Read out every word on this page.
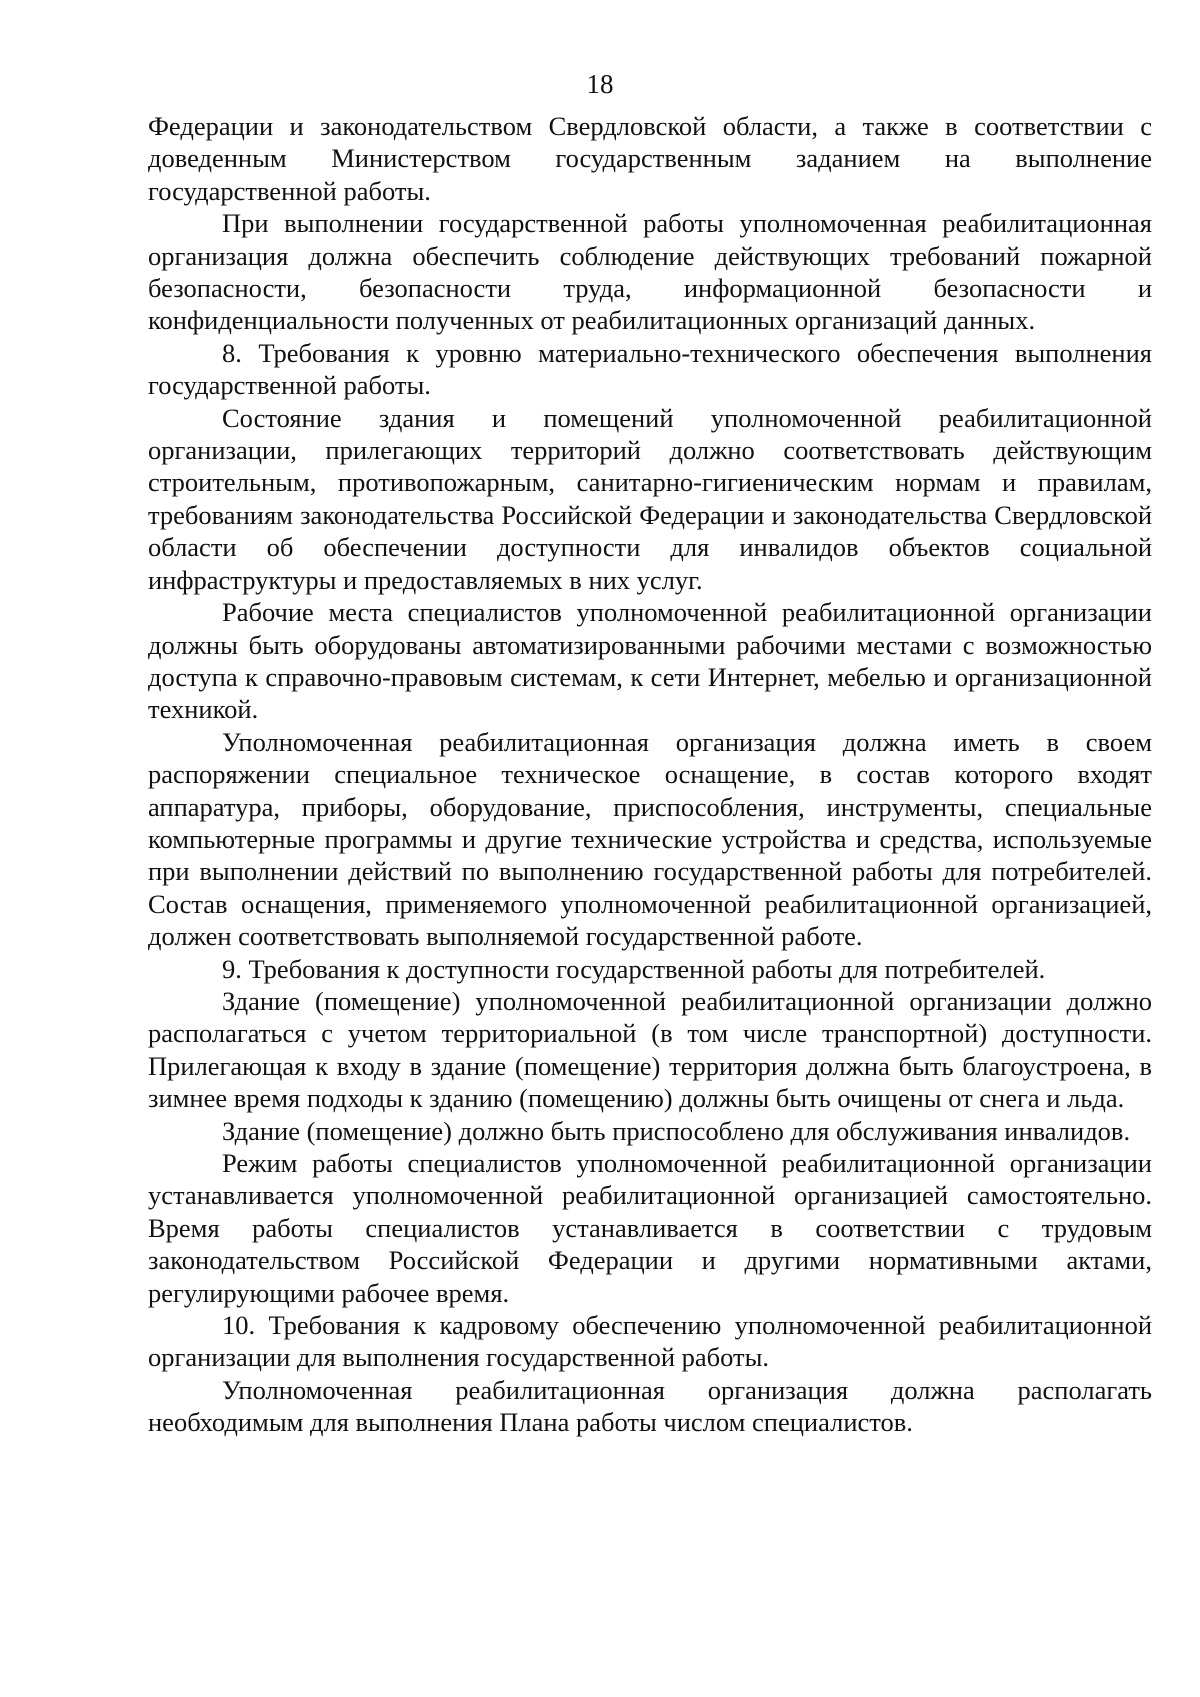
18

Федерации и законодательством Свердловской области, а также в соответствии с доведенным Министерством государственным заданием на выполнение государственной работы.

При выполнении государственной работы уполномоченная реабилитационная организация должна обеспечить соблюдение действующих требований пожарной безопасности, безопасности труда, информационной безопасности и конфиденциальности полученных от реабилитационных организаций данных.

8. Требования к уровню материально-технического обеспечения выполнения государственной работы.

Состояние здания и помещений уполномоченной реабилитационной организации, прилегающих территорий должно соответствовать действующим строительным, противопожарным, санитарно-гигиеническим нормам и правилам, требованиям законодательства Российской Федерации и законодательства Свердловской области об обеспечении доступности для инвалидов объектов социальной инфраструктуры и предоставляемых в них услуг.

Рабочие места специалистов уполномоченной реабилитационной организации должны быть оборудованы автоматизированными рабочими местами с возможностью доступа к справочно-правовым системам, к сети Интернет, мебелью и организационной техникой.

Уполномоченная реабилитационная организация должна иметь в своем распоряжении специальное техническое оснащение, в состав которого входят аппаратура, приборы, оборудование, приспособления, инструменты, специальные компьютерные программы и другие технические устройства и средства, используемые при выполнении действий по выполнению государственной работы для потребителей. Состав оснащения, применяемого уполномоченной реабилитационной организацией, должен соответствовать выполняемой государственной работе.

9. Требования к доступности государственной работы для потребителей.

Здание (помещение) уполномоченной реабилитационной организации должно располагаться с учетом территориальной (в том числе транспортной) доступности. Прилегающая к входу в здание (помещение) территория должна быть благоустроена, в зимнее время подходы к зданию (помещению) должны быть очищены от снега и льда.

Здание (помещение) должно быть приспособлено для обслуживания инвалидов.

Режим работы специалистов уполномоченной реабилитационной организации устанавливается уполномоченной реабилитационной организацией самостоятельно. Время работы специалистов устанавливается в соответствии с трудовым законодательством Российской Федерации и другими нормативными актами, регулирующими рабочее время.

10. Требования к кадровому обеспечению уполномоченной реабилитационной организации для выполнения государственной работы.

Уполномоченная реабилитационная организация должна располагать необходимым для выполнения Плана работы числом специалистов.
